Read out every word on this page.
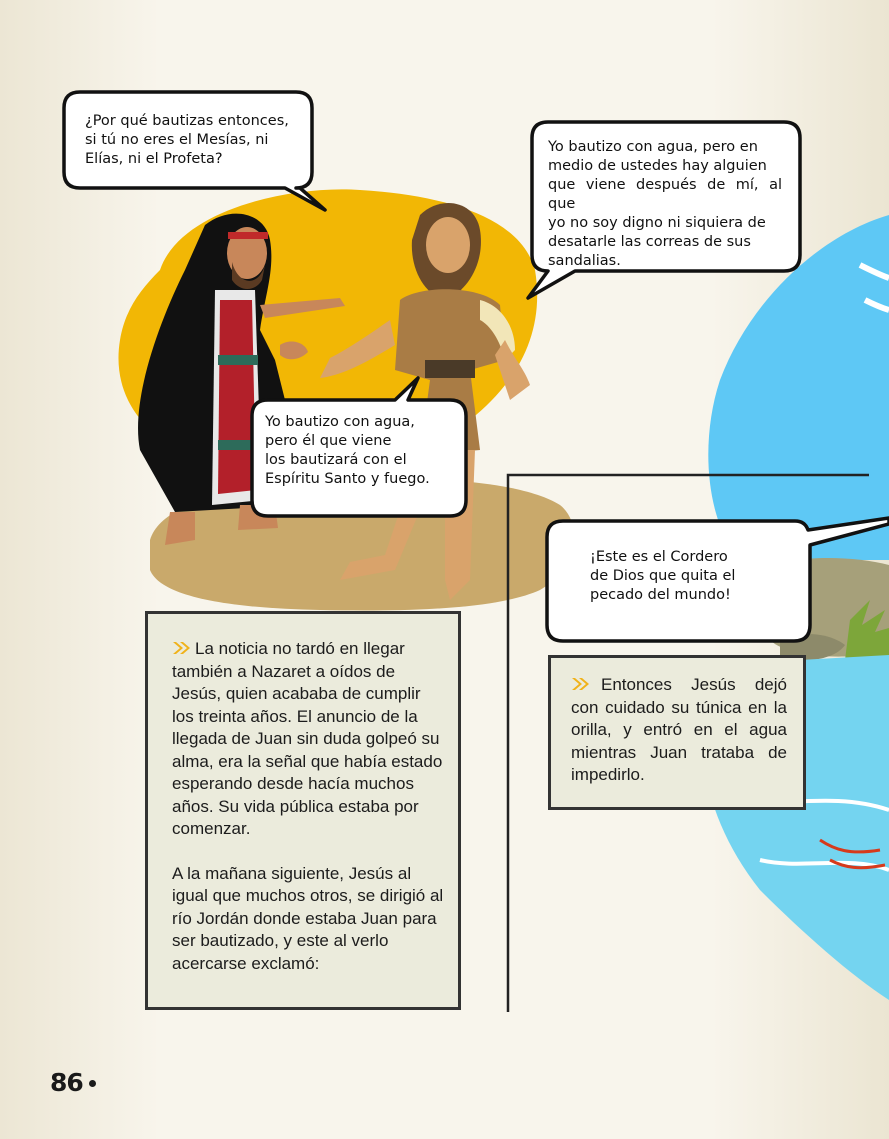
¿Por qué bautizas entonces,
si tú no eres el Mesías, ni
Elías, ni el Profeta?
Yo bautizo con agua, pero en
medio de ustedes hay alguien
que viene después de mí, al que
yo no soy digno ni siquiera de
desatarle las correas de sus
sandalias.
Yo bautizo con agua,
pero él que viene
los bautizará con el
Espíritu Santo y fuego.
¡Este es el Cordero
de Dios que quita el
pecado del mundo!

La noticia no tardó en llegar también a Nazaret a oídos de Jesús, quien acababa de cumplir los treinta años. El anuncio de la llegada de Juan sin duda golpeó su alma, era la señal que había estado esperando desde hacía muchos años. Su vida pública estaba por comenzar.

A la mañana siguiente, Jesús al igual que muchos otros, se dirigió al río Jordán donde estaba Juan para ser bautizado, y este al verlo acercarse exclamó:

Entonces Jesús dejó con cuidado su túnica en la orilla, y entró en el agua mientras Juan trataba de impedirlo.

86
